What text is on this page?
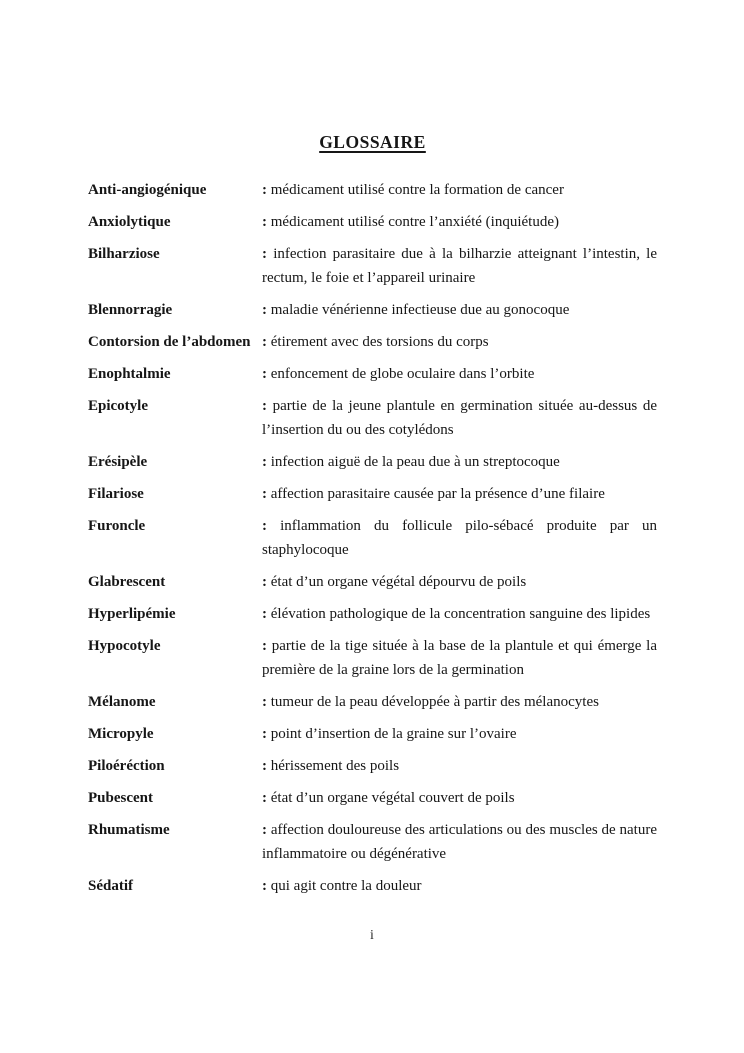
GLOSSAIRE
Anti-angiogénique	: médicament utilisé contre la formation de cancer
Anxiolytique	: médicament utilisé contre l’anxiété (inquiétude)
Bilharziose	: infection parasitaire due à la bilharzie atteignant l’intestin, le rectum, le foie et l’appareil urinaire
Blennorragie	: maladie vénérienne infectieuse due au gonocoque
Contorsion de l’abdomen : étirement avec des torsions du corps
Enophtalmie	: enfoncement de globe oculaire dans l’orbite
Epicotyle	: partie de la jeune plantule en germination située au-dessus de l’insertion du ou des cotylédons
Erésipèle	: infection aiguë de la peau due à un streptocoque
Filariose	: affection parasitaire causée par la présence d’une filaire
Furoncle	: inflammation du follicule pilo-sébacé produite par un staphylocoque
Glabrescent	: état d’un organe végétal dépourvu de poils
Hyperlipémie	: élévation pathologique de la concentration sanguine des lipides
Hypocotyle	: partie de la tige située à la base de la plantule et qui émerge la première de la graine lors de la germination
Mélanome	: tumeur de la peau développée à partir des mélanocytes
Micropyle	: point d’insertion de la graine sur l’ovaire
Piloéréction	: hérissement des poils
Pubescent	: état d’un organe végétal couvert de poils
Rhumatisme	: affection douloureuse des articulations ou des muscles de nature inflammatoire ou dégénérative
Sédatif	: qui agit contre la douleur
i
